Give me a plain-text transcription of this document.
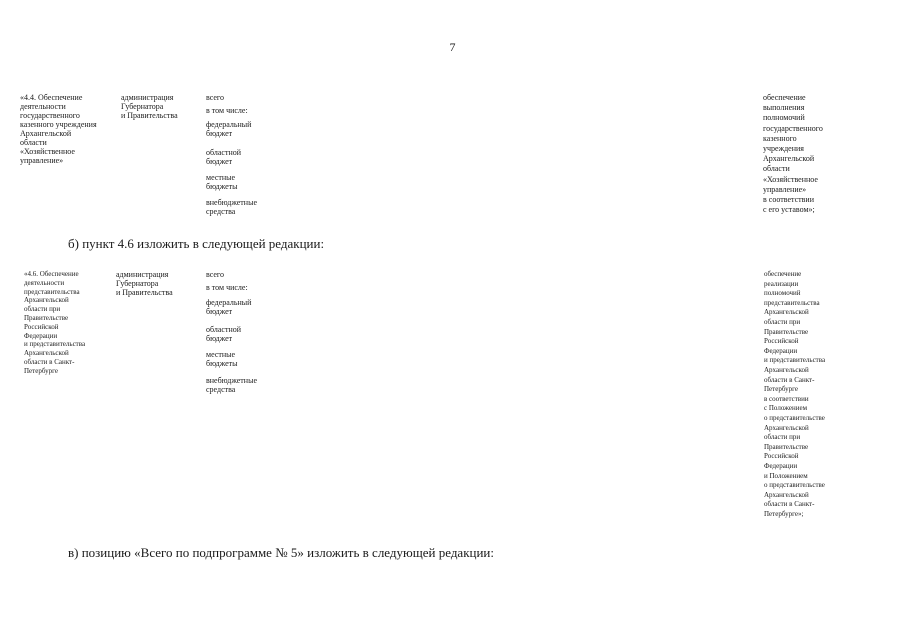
7
«4.4. Обеспечение
деятельности
государственного
казенного учреждения
Архангельской
области
«Хозяйственное
управление»
администрация
Губернатора
и Правительства
всего
в том числе:
федеральный
бюджет
областной
бюджет
местные
бюджеты
внебюджетные
средства
обеспечение
выполнения
полномочий
государственного
казенного
учреждения
Архангельской
области
«Хозяйственное
управление»
в соответствии
с его уставом»;
б) пункт 4.6 изложить в следующей редакции:
«4.6. Обеспечение
деятельности
представительства
Архангельской
области при
Правительстве
Российской
Федерации
и представительства
Архангельской
области в Санкт-
Петербурге
администрация
Губернатора
и Правительства
всего
в том числе:
федеральный
бюджет
областной
бюджет
местные
бюджеты
внебюджетные
средства
обеспечение
реализации
полномочий
представительства
Архангельской
области при
Правительстве
Российской
Федерации
и представительства
Архангельской
области в Санкт-
Петербурге
в соответствии
с Положением
о представительстве
Архангельской
области при
Правительстве
Российской
Федерации
и Положением
о представительстве
Архангельской
области в Санкт-
Петербурге»;
в) позицию «Всего по подпрограмме № 5» изложить в следующей редакции:
